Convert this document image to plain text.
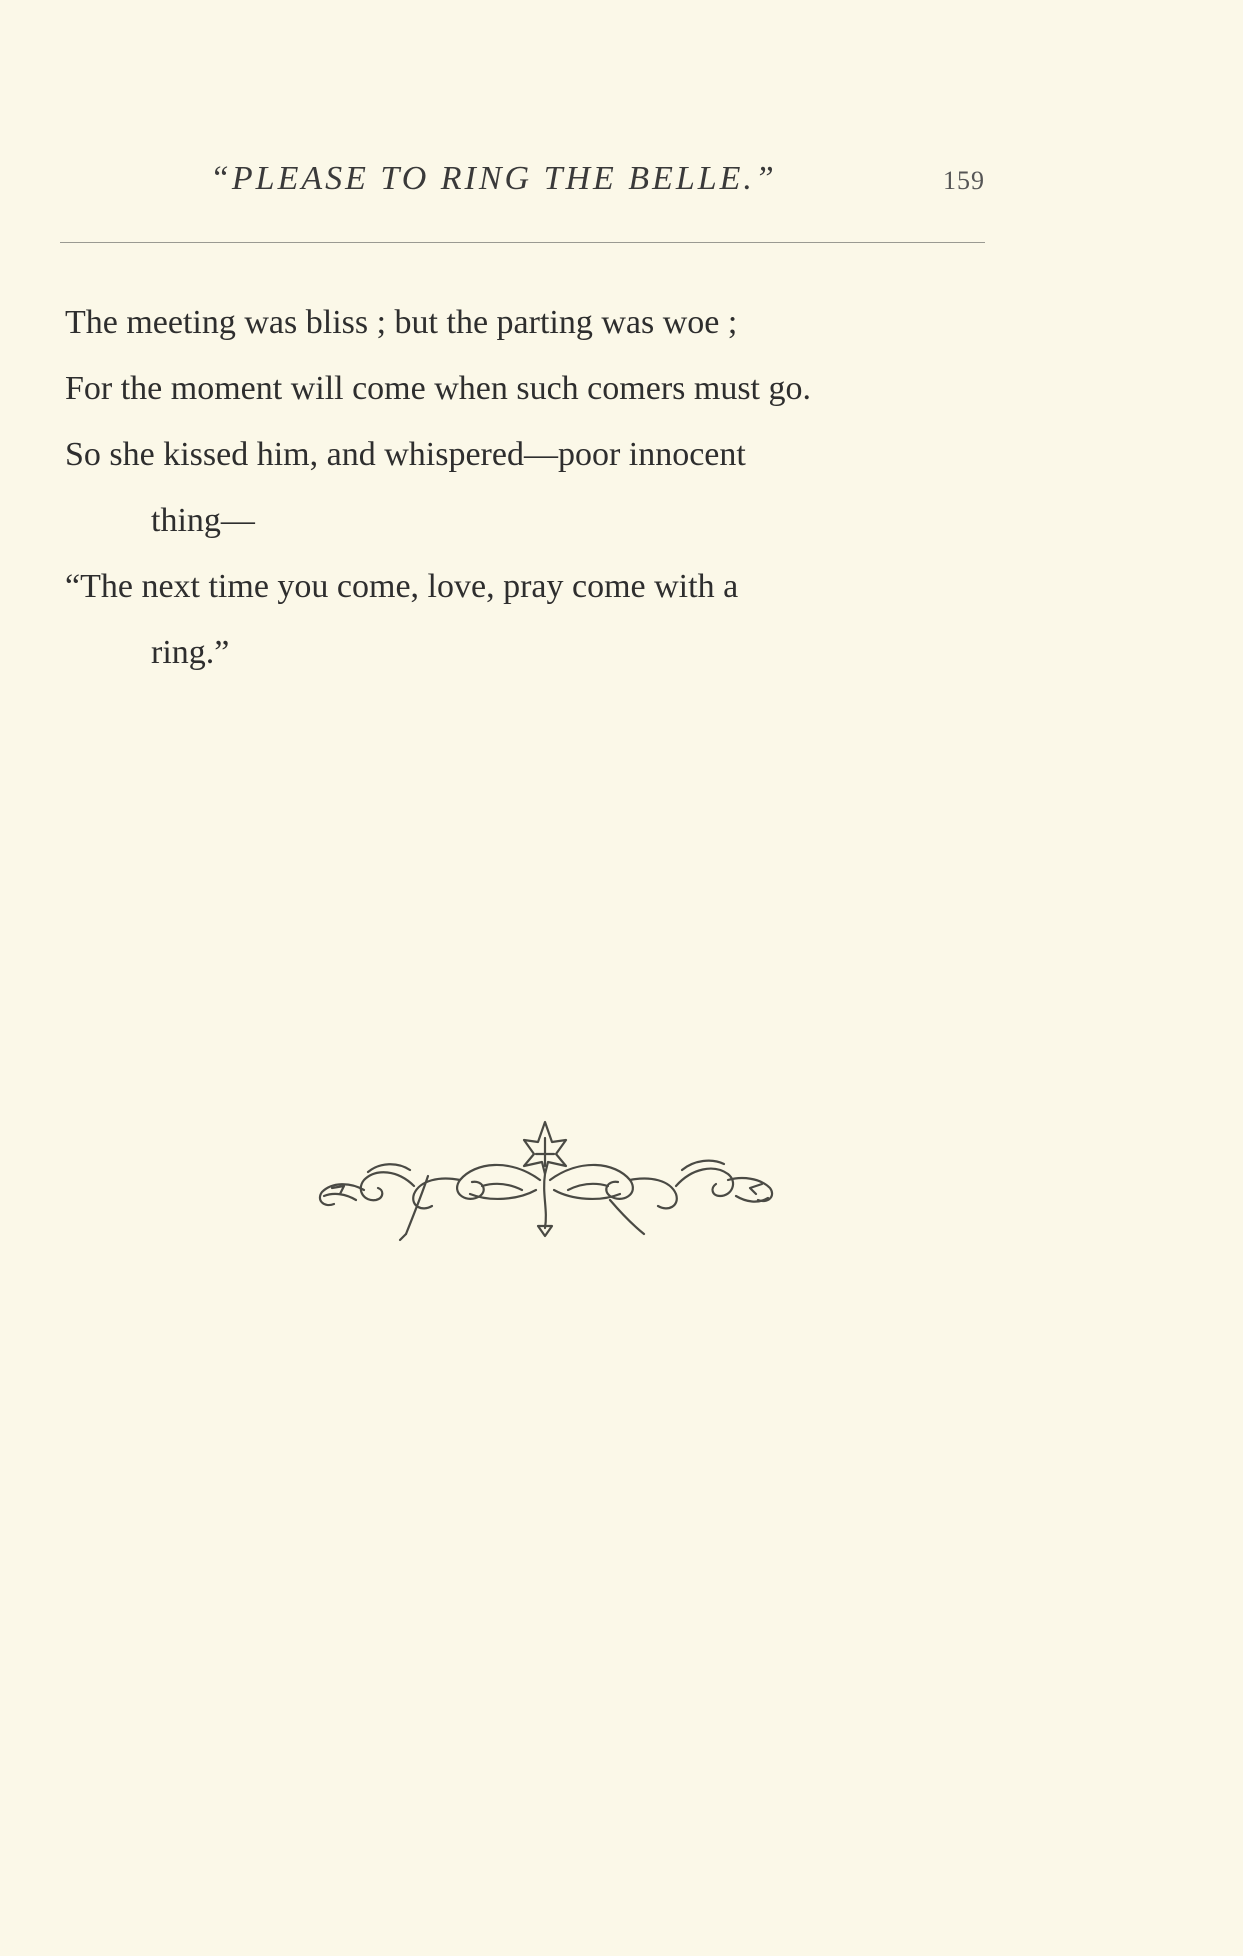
“PLEASE TO RING THE BELLE.”	159
The meeting was bliss ; but the parting was woe ;
For the moment will come when such comers must go.
So she kissed him, and whispered—poor innocent
thing—
“The next time you come, love, pray come with a
ring.”
